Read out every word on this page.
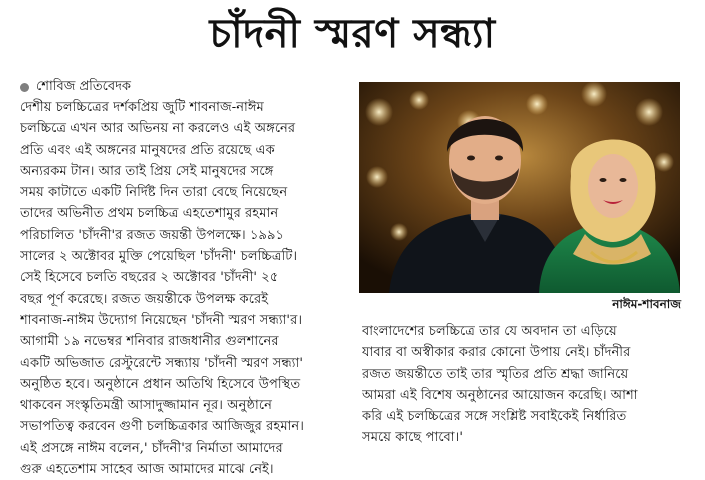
চাঁদনী স্মরণ সন্ধ্যা
শোবিজ প্রতিবেদক
দেশীয় চলচ্চিত্রের দর্শকপ্রিয় জুটি শাবনাজ-নাঈম
চলচ্চিত্রে এখন আর অভিনয় না করলেও এই অঙ্গনের
প্রতি এবং এই অঙ্গনের মানুষদের প্রতি রয়েছে এক
অন্যরকম টান। আর তাই প্রিয় সেই মানুষদের সঙ্গে
সময় কাটাতে একটি নির্দিষ্ট দিন তারা বেছে নিয়েছেন
তাদের অভিনীত প্রথম চলচ্চিত্র এহতেশামুর রহমান
পরিচালিত 'চাঁদনী'র রজত জয়ন্তী উপলক্ষে। ১৯৯১
সালের ২ অক্টোবর মুক্তি পেয়েছিল 'চাঁদনী' চলচ্চিত্রটি।
সেই হিসেবে চলতি বছরের ২ অক্টোবর 'চাঁদনী' ২৫
বছর পূর্ণ করেছে। রজত জয়ন্তীকে উপলক্ষ করেই
শাবনাজ-নাঈম উদ্যোগ নিয়েছেন 'চাঁদনী স্মরণ সন্ধ্যা'র।
আগামী ১৯ নভেম্বর শনিবার রাজধানীর গুলশানের
একটি অভিজাত রেস্টুরেন্টে সন্ধ্যায় 'চাঁদনী স্মরণ সন্ধ্যা'
অনুষ্ঠিত হবে। অনুষ্ঠানে প্রধান অতিথি হিসেবে উপস্থিত
থাকবেন সংস্কৃতিমন্ত্রী আসাদুজ্জামান নূর। অনুষ্ঠানে
সভাপতিত্ব করবেন গুণী চলচ্চিত্রকার আজিজুর রহমান।
এই প্রসঙ্গে নাঈম বলেন,' চাঁদনী'র নির্মাতা আমাদের
গুরু এহতেশাম সাহেব আজ আমাদের মাঝে নেই।
নাঈম-শাবনাজ
বাংলাদেশের চলচ্চিত্রে তার যে অবদান তা এড়িয়ে
যাবার বা অস্বীকার করার কোনো উপায় নেই। চাঁদনীর
রজত জয়ন্তীতে তাই তার স্মৃতির প্রতি শ্রদ্ধা জানিয়ে
আমরা এই বিশেষ অনুষ্ঠানের আয়োজন করেছি। আশা
করি এই চলচ্চিত্রের সঙ্গে সংশ্লিষ্ট সবাইকেই নির্ধারিত
সময়ে কাছে পাবো।'
